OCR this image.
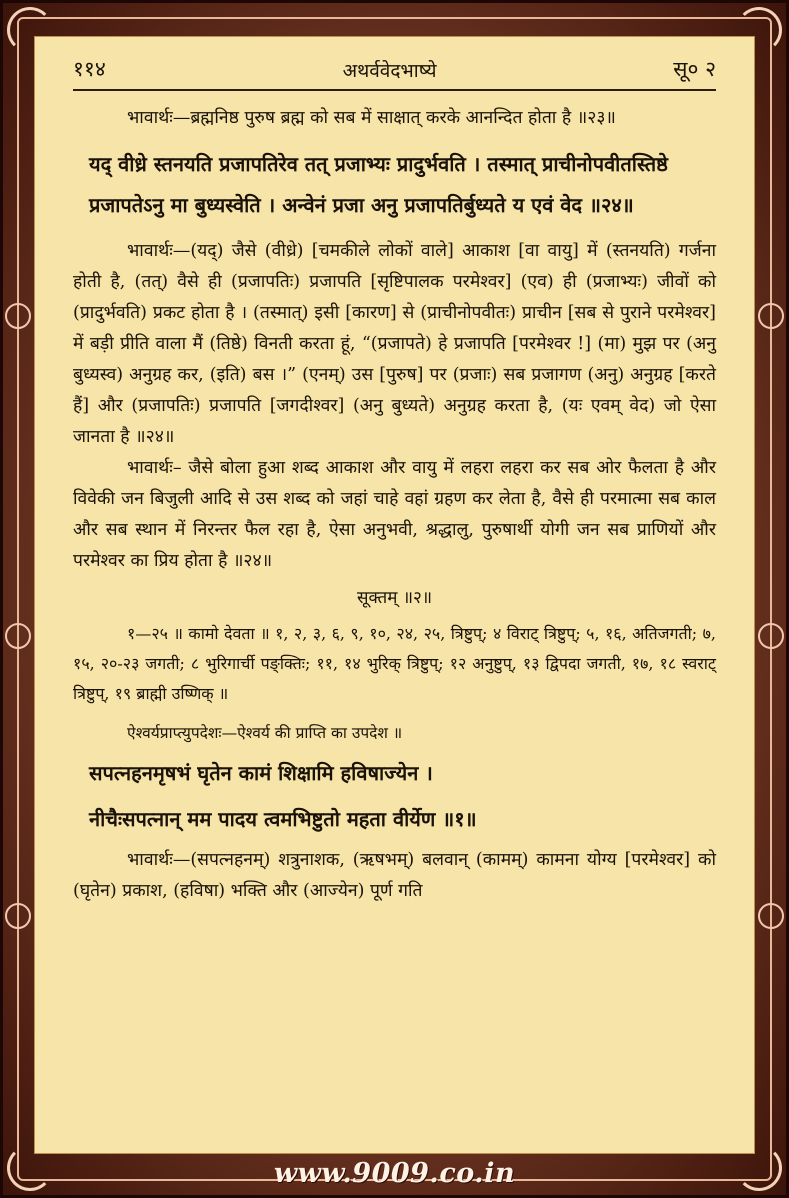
११४	अथर्ववेदभाष्ये	सू० २

भावार्थः—ब्रह्मनिष्ठ पुरुष ब्रह्म को सब में साक्षात् करके आनन्दित होता है ॥२३॥

यद् वीध्रे स्तनयति प्रजापतिरेव तत् प्रजाभ्यः प्रादुर्भवति । तस्मात् प्राचीनोपवीतस्तिष्ठे प्रजापतेऽनु मा बुध्यस्वेति । अन्वेनं प्रजा अनु प्रजापतिर्बुध्यते य एवं वेद ॥२४॥

भावार्थः—(यद्) जैसे (वीध्रे) [चमकीले लोकों वाले] आकाश [वा वायु] में (स्तनयति) गर्जना होती है, (तत्) वैसे ही (प्रजापतिः) प्रजापति [सृष्टिपालक परमेश्वर] (एव) ही (प्रजाभ्यः) जीवों को (प्रादुर्भवति) प्रकट होता है । (तस्मात्) इसी [कारण] से (प्राचीनोपवीतः) प्राचीन [सब से पुराने परमेश्वर] में बड़ी प्रीति वाला मैं (तिष्ठे) विनती करता हूं, “(प्रजापते) हे प्रजापति [परमेश्वर !] (मा) मुझ पर (अनु बुध्यस्व) अनुग्रह कर, (इति) बस ।” (एनम्) उस [पुरुष] पर (प्रजाः) सब प्रजागण (अनु) अनुग्रह [करते हैं] और (प्रजापतिः) प्रजापति [जगदीश्वर] (अनु बुध्यते) अनुग्रह करता है, (यः एवम् वेद) जो ऐसा जानता है ॥२४॥

भावार्थः– जैसे बोला हुआ शब्द आकाश और वायु में लहरा लहरा कर सब ओर फैलता है और विवेकी जन बिजुली आदि से उस शब्द को जहां चाहे वहां ग्रहण कर लेता है, वैसे ही परमात्मा सब काल और सब स्थान में निरन्तर फैल रहा है, ऐसा अनुभवी, श्रद्धालु, पुरुषार्थी योगी जन सब प्राणियों और परमेश्वर का प्रिय होता है ॥२४॥

सूक्तम् ॥२॥

१—२५ ॥ कामो देवता ॥ १, २, ३, ६, ९, १०, २४, २५, त्रिष्टुप्; ४ विराट् त्रिष्टुप्; ५, १६, अतिजगती; ७, १५, २०-२३ जगती; ८ भुरिगार्ची पङ्क्तिः; ११, १४ भुरिक् त्रिष्टुप्; १२ अनुष्टुप्, १३ द्विपदा जगती, १७, १८ स्वराट् त्रिष्टुप्, १९ ब्राह्मी उष्णिक् ॥

ऐश्वर्यप्राप्त्युपदेशः—ऐश्वर्य की प्राप्ति का उपदेश ॥
सपत्नहनमृषभं घृतेन कामं शिक्षामि हविषाज्येन ।
नीचैःसपत्नान् मम पादय त्वमभिष्टुतो महता वीर्येण ॥१॥

भावार्थः—(सपत्नहनम्) शत्रुनाशक, (ऋषभम्) बलवान् (कामम्) कामना योग्य [परमेश्वर] को (घृतेन) प्रकाश, (हविषा) भक्ति और (आज्येन) पूर्ण गति

www.9009.co.in
